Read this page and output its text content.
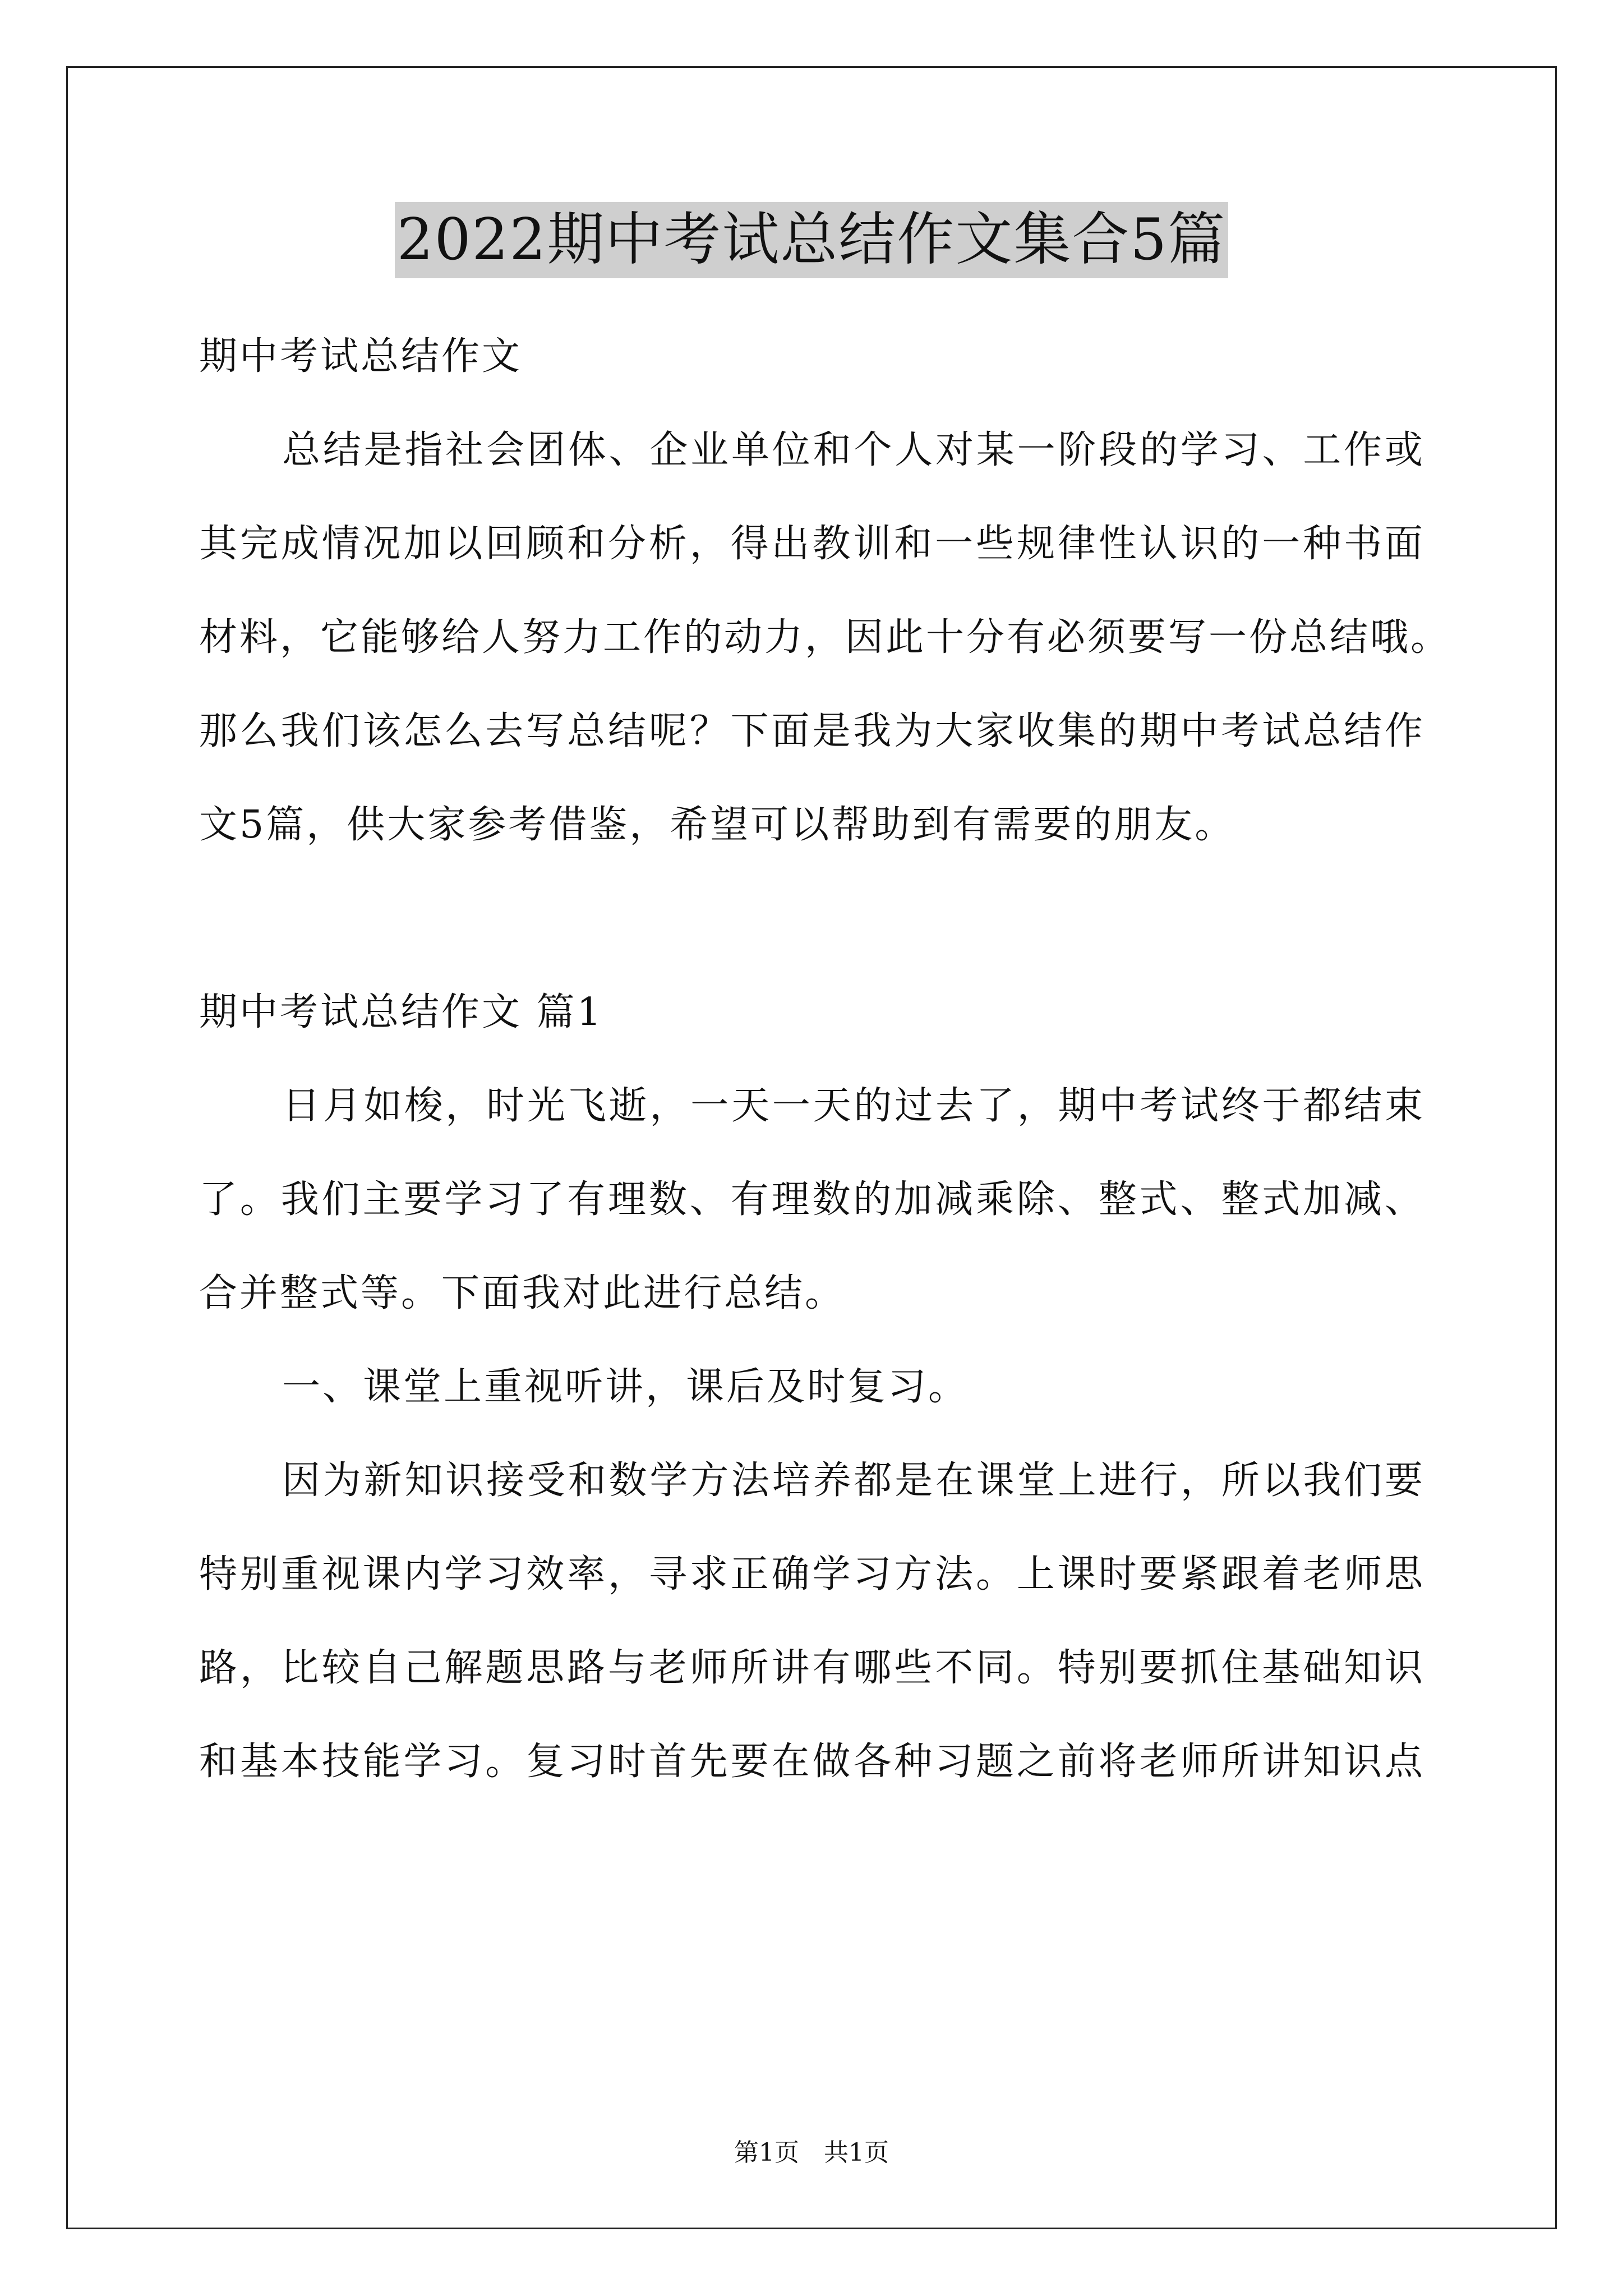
2022期中考试总结作文集合5篇
期中考试总结作文
总结是指社会团体、企业单位和个人对某一阶段的学习、工作或
其完成情况加以回顾和分析，得出教训和一些规律性认识的一种书面
材料，它能够给人努力工作的动力，因此十分有必须要写一份总结哦。
那么我们该怎么去写总结呢？下面是我为大家收集的期中考试总结作
文5篇，供大家参考借鉴，希望可以帮助到有需要的朋友。
期中考试总结作文 篇1
日月如梭，时光飞逝，一天一天的过去了，期中考试终于都结束
了。我们主要学习了有理数、有理数的加减乘除、整式、整式加减、
合并整式等。下面我对此进行总结。
一、课堂上重视听讲，课后及时复习。
因为新知识接受和数学方法培养都是在课堂上进行，所以我们要
特别重视课内学习效率，寻求正确学习方法。上课时要紧跟着老师思
路，比较自己解题思路与老师所讲有哪些不同。特别要抓住基础知识
和基本技能学习。复习时首先要在做各种习题之前将老师所讲知识点
第1页 共1页
